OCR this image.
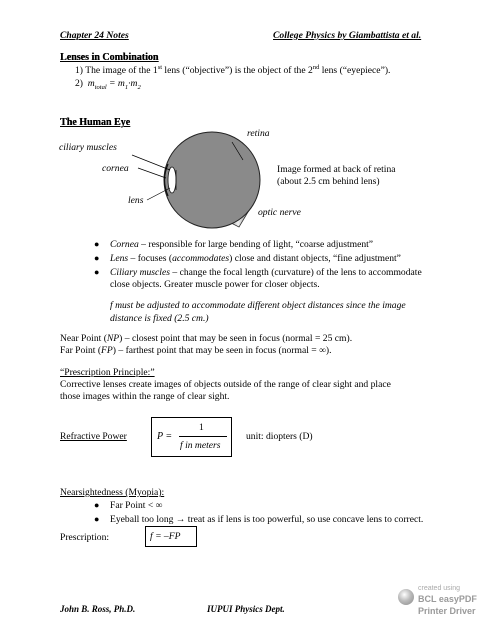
Chapter 24 Notes	College Physics by Giambattista et al.
Lenses in Combination
1) The image of the 1st lens (“objective”) is the object of the 2nd lens (“eyepiece”).
2) $m_{total} = m_1\cdot m_2$
The Human Eye
ciliary muscles
cornea
lens
retina
optic nerve
Image formed at back of retina
(about 2.5 cm behind lens)
● Cornea – responsible for large bending of light, “coarse adjustment”
● Lens – focuses (accommodates) close and distant objects, “fine adjustment”
● Ciliary muscles – change the focal length (curvature) of the lens to accommodate
close objects. Greater muscle power for closer objects.
f must be adjusted to accommodate different object distances since the image
distance is fixed (2.5 cm.)
Near Point (NP) – closest point that may be seen in focus (normal = 25 cm).
Far Point (FP) – farthest point that may be seen in focus (normal = ∞).
“Prescription Principle:”
Corrective lenses create images of objects outside of the range of clear sight and place
those images within the range of clear sight.
Refractive Power	P =
1
f in meters
unit: diopters (D)
Nearsightedness (Myopia):
● Far Point < ∞
● Eyeball too long → treat as if lens is too powerful, so use concave lens to correct.
Prescription:	f = –FP
John B. Ross, Ph.D.	IUPUI Physics Dept.
created using
BCL easyPDF
Printer Driver
